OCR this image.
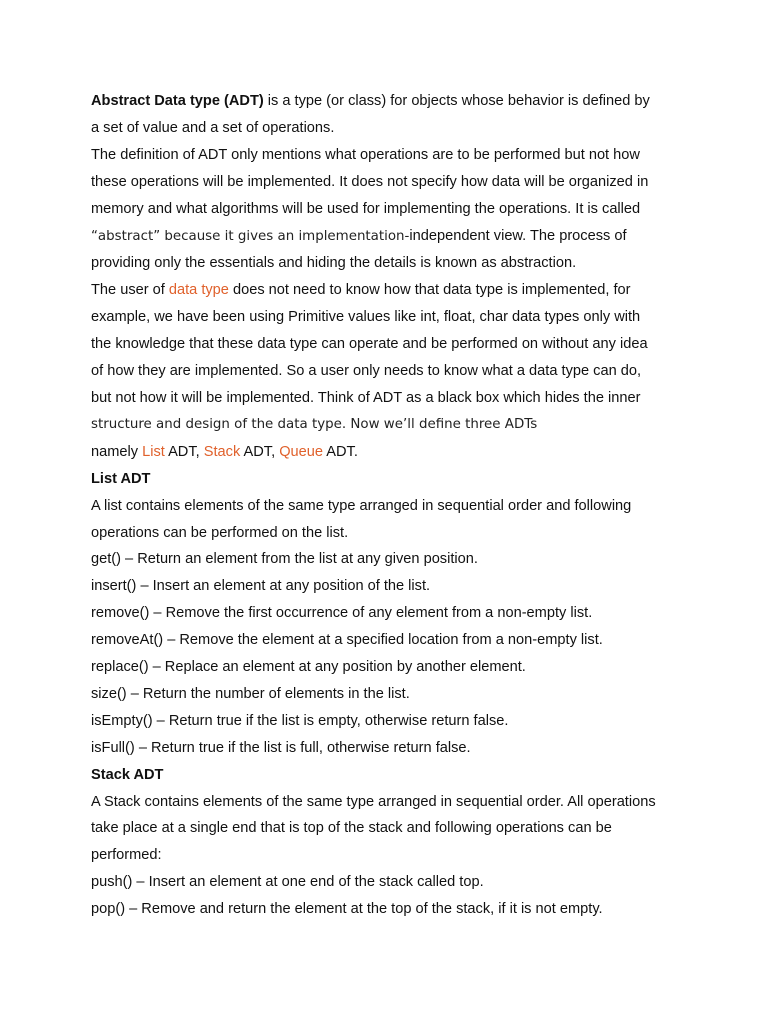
Abstract Data type (ADT) is a type (or class) for objects whose behavior is defined by
a set of value and a set of operations.
The definition of ADT only mentions what operations are to be performed but not how
these operations will be implemented. It does not specify how data will be organized in
memory and what algorithms will be used for implementing the operations. It is called
“abstract” because it gives an implementation-independent view. The process of
providing only the essentials and hiding the details is known as abstraction.
The user of data type does not need to know how that data type is implemented, for
example, we have been using Primitive values like int, float, char data types only with
the knowledge that these data type can operate and be performed on without any idea
of how they are implemented. So a user only needs to know what a data type can do,
but not how it will be implemented. Think of ADT as a black box which hides the inner
structure and design of the data type. Now we’ll define three ADTs
namely List ADT, Stack ADT, Queue ADT.
List ADT
A list contains elements of the same type arranged in sequential order and following
operations can be performed on the list.
get() – Return an element from the list at any given position.
insert() – Insert an element at any position of the list.
remove() – Remove the first occurrence of any element from a non-empty list.
removeAt() – Remove the element at a specified location from a non-empty list.
replace() – Replace an element at any position by another element.
size() – Return the number of elements in the list.
isEmpty() – Return true if the list is empty, otherwise return false.
isFull() – Return true if the list is full, otherwise return false.
Stack ADT
A Stack contains elements of the same type arranged in sequential order. All operations
take place at a single end that is top of the stack and following operations can be
performed:
push() – Insert an element at one end of the stack called top.
pop() – Remove and return the element at the top of the stack, if it is not empty.
